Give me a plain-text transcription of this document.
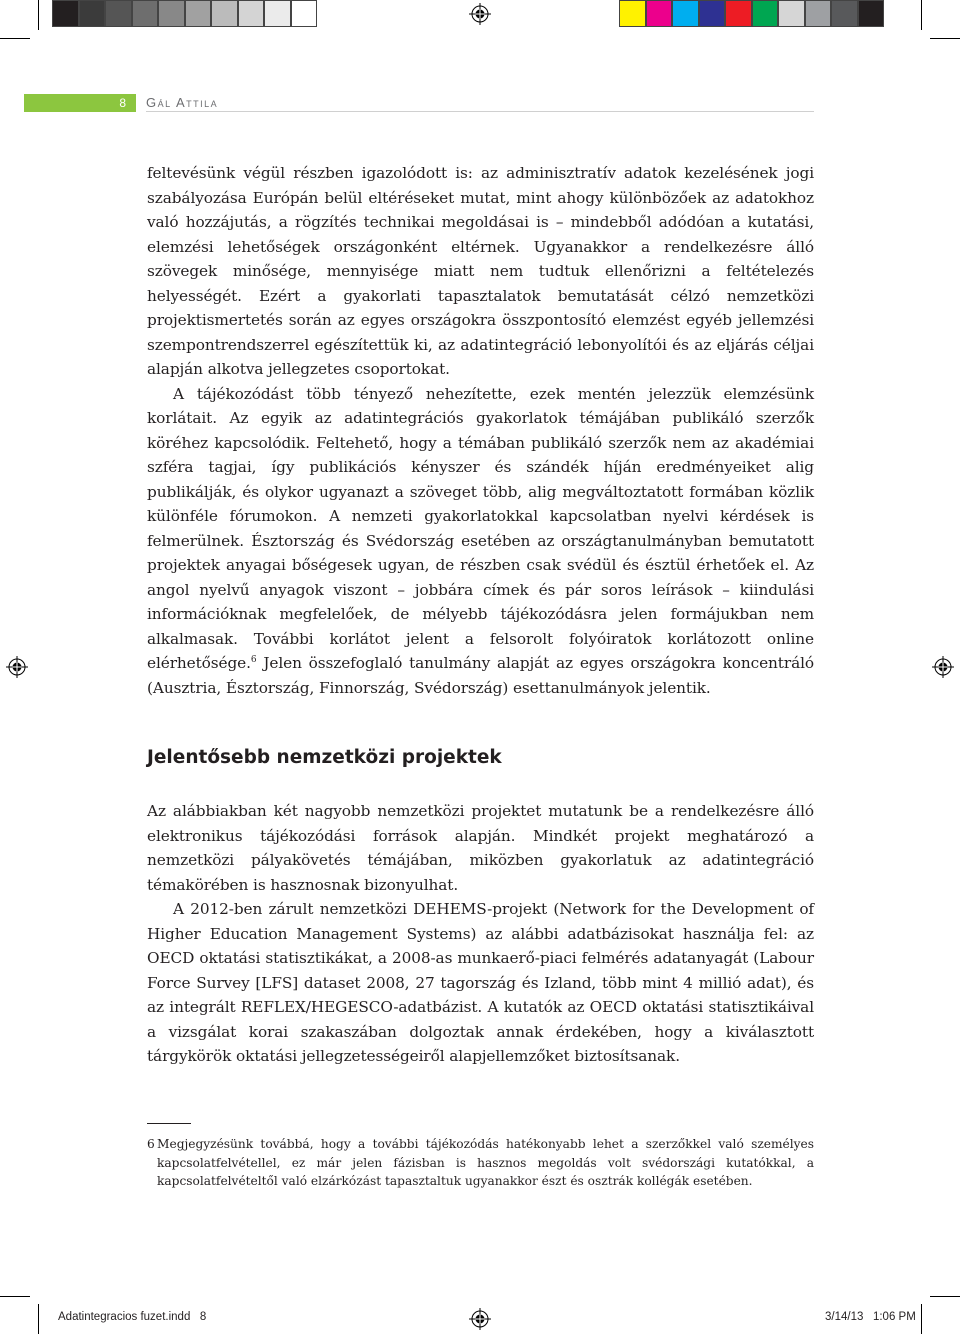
8	Gál Attila

feltevésünk végül részben igazolódott is: az adminisztratív adatok kezelésének jogi szabályozása Európán belül eltéréseket mutat, mint ahogy különbözőek az adatokhoz való hozzájutás, a rögzítés technikai megoldásai is – mindebből adódóan a kutatási, elemzési lehetőségek országonként eltérnek. Ugyanakkor a rendelkezésre álló szövegek minősége, mennyisége miatt nem tudtuk ellenőrizni a feltételezés helyességét. Ezért a gyakorlati tapasztalatok bemutatását célzó nemzetközi projektismertetés során az egyes országokra összpontosító elemzést egyéb jellemzési szempontrendszerrel egészítettük ki, az adatintegráció lebonyolítói és az eljárás céljai alapján alkotva jellegzetes csoportokat.

A tájékozódást több tényező nehezítette, ezek mentén jelezzük elemzésünk korlátait. Az egyik az adatintegrációs gyakorlatok témájában publikáló szerzők köréhez kapcsolódik. Feltehető, hogy a témában publikáló szerzők nem az akadémiai szféra tagjai, így publikációs kényszer és szándék híján eredményeiket alig publikálják, és olykor ugyanazt a szöveget több, alig megváltoztatott formában közlik különféle fórumokon. A nemzeti gyakorlatokkal kapcsolatban nyelvi kérdések is felmerülnek. Észtország és Svédország esetében az országtanulmányban bemutatott projektek anyagai bőségesek ugyan, de részben csak svédül és észtül érhetőek el. Az angol nyelvű anyagok viszont – jobbára címek és pár soros leírások – kiindulási információknak megfelelőek, de mélyebb tájékozódásra jelen formájukban nem alkalmasak. További korlátot jelent a felsorolt folyóiratok korlátozott online elérhetősége.$^6$ Jelen összefoglaló tanulmány alapját az egyes országokra koncentráló (Ausztria, Észtország, Finnország, Svédország) esettanulmányok jelentik.

Jelentősebb nemzetközi projektek

Az alábbiakban két nagyobb nemzetközi projektet mutatunk be a rendelkezésre álló elektronikus tájékozódási források alapján. Mindkét projekt meghatározó a nemzetközi pályakövetés témájában, miközben gyakorlatuk az adatintegráció témakörében is hasznosnak bizonyulhat.

A 2012-ben zárult nemzetközi DEHEMS-projekt (Network for the Development of Higher Education Management Systems) az alábbi adatbázisokat használja fel: az OECD oktatási statisztikákat, a 2008-as munkaerő-piaci felmérés adatanyagát (Labour Force Survey [LFS] dataset 2008, 27 tagország és Izland, több mint 4 millió adat), és az integrált REFLEX/HEGESCO-adatbázist. A kutatók az OECD oktatási statisztikáival a vizsgálat korai szakaszában dolgoztak annak érdekében, hogy a kiválasztott tárgykörök oktatási jellegzetességeiről alapjellemzőket biztosítsanak.

6 Megjegyzésünk továbbá, hogy a további tájékozódás hatékonyabb lehet a szerzőkkel való személyes kapcsolatfelvétellel, ez már jelen fázisban is hasznos megoldás volt svédországi kutatókkal, a kapcsolatfelvételtől való elzárkózást tapasztaltuk ugyanakkor észt és osztrák kollégák esetében.
Adatintegracios fuzet.indd   8	3/14/13   1:06 PM
